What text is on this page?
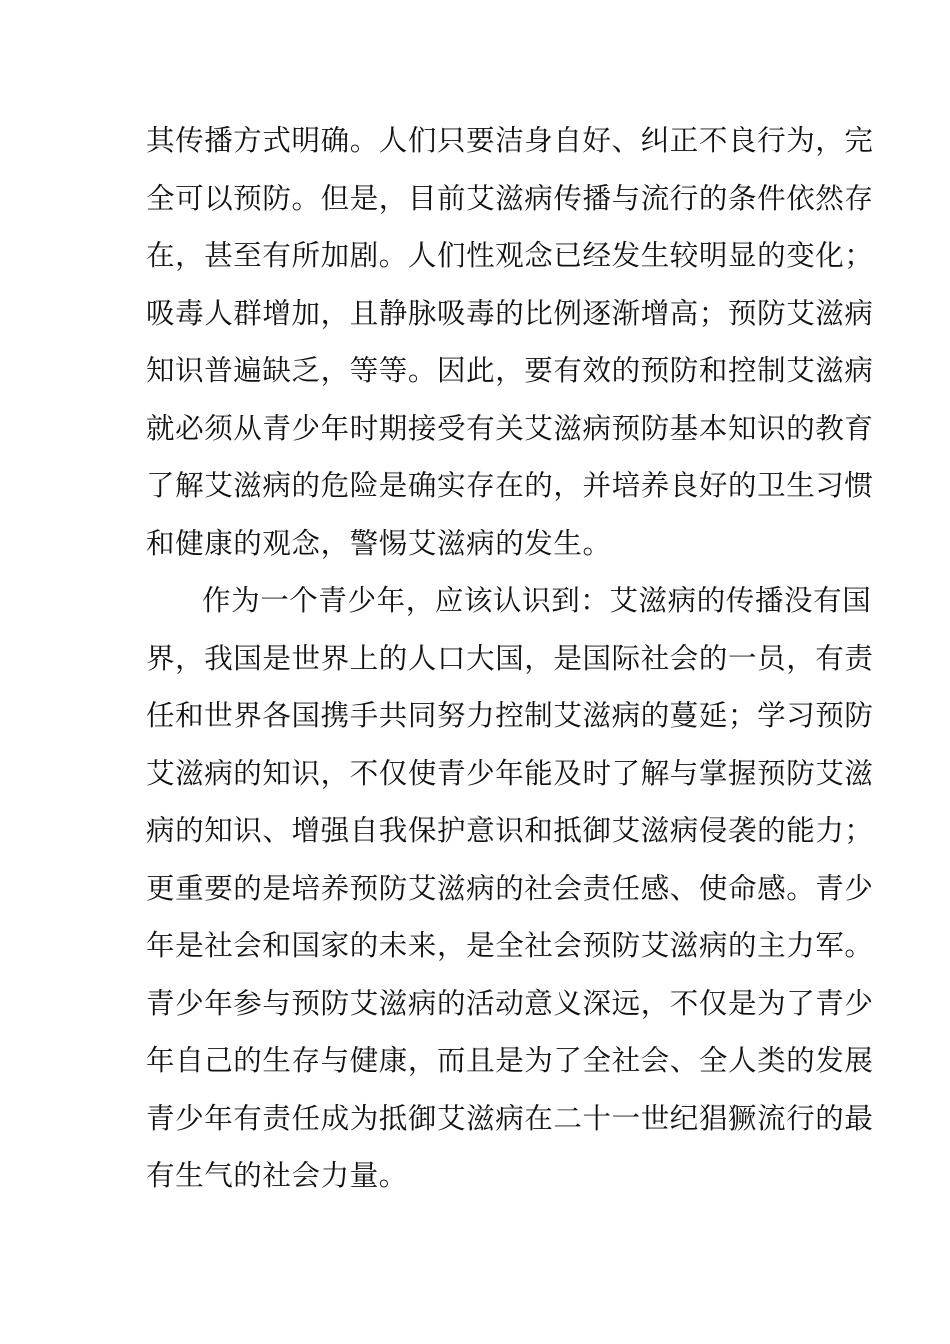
其传播方式明确。人们只要洁身自好、纠正不良行为，完
全可以预防。但是，目前艾滋病传播与流行的条件依然存
在，甚至有所加剧。人们性观念已经发生较明显的变化；
吸毒人群增加，且静脉吸毒的比例逐渐增高；预防艾滋病
知识普遍缺乏，等等。因此，要有效的预防和控制艾滋病
就必须从青少年时期接受有关艾滋病预防基本知识的教育
了解艾滋病的危险是确实存在的，并培养良好的卫生习惯
和健康的观念，警惕艾滋病的发生。
作为一个青少年，应该认识到：艾滋病的传播没有国
界，我国是世界上的人口大国，是国际社会的一员，有责
任和世界各国携手共同努力控制艾滋病的蔓延；学习预防
艾滋病的知识，不仅使青少年能及时了解与掌握预防艾滋
病的知识、增强自我保护意识和抵御艾滋病侵袭的能力；
更重要的是培养预防艾滋病的社会责任感、使命感。青少
年是社会和国家的未来，是全社会预防艾滋病的主力军。
青少年参与预防艾滋病的活动意义深远，不仅是为了青少
年自己的生存与健康，而且是为了全社会、全人类的发展
青少年有责任成为抵御艾滋病在二十一世纪猖獗流行的最
有生气的社会力量。
